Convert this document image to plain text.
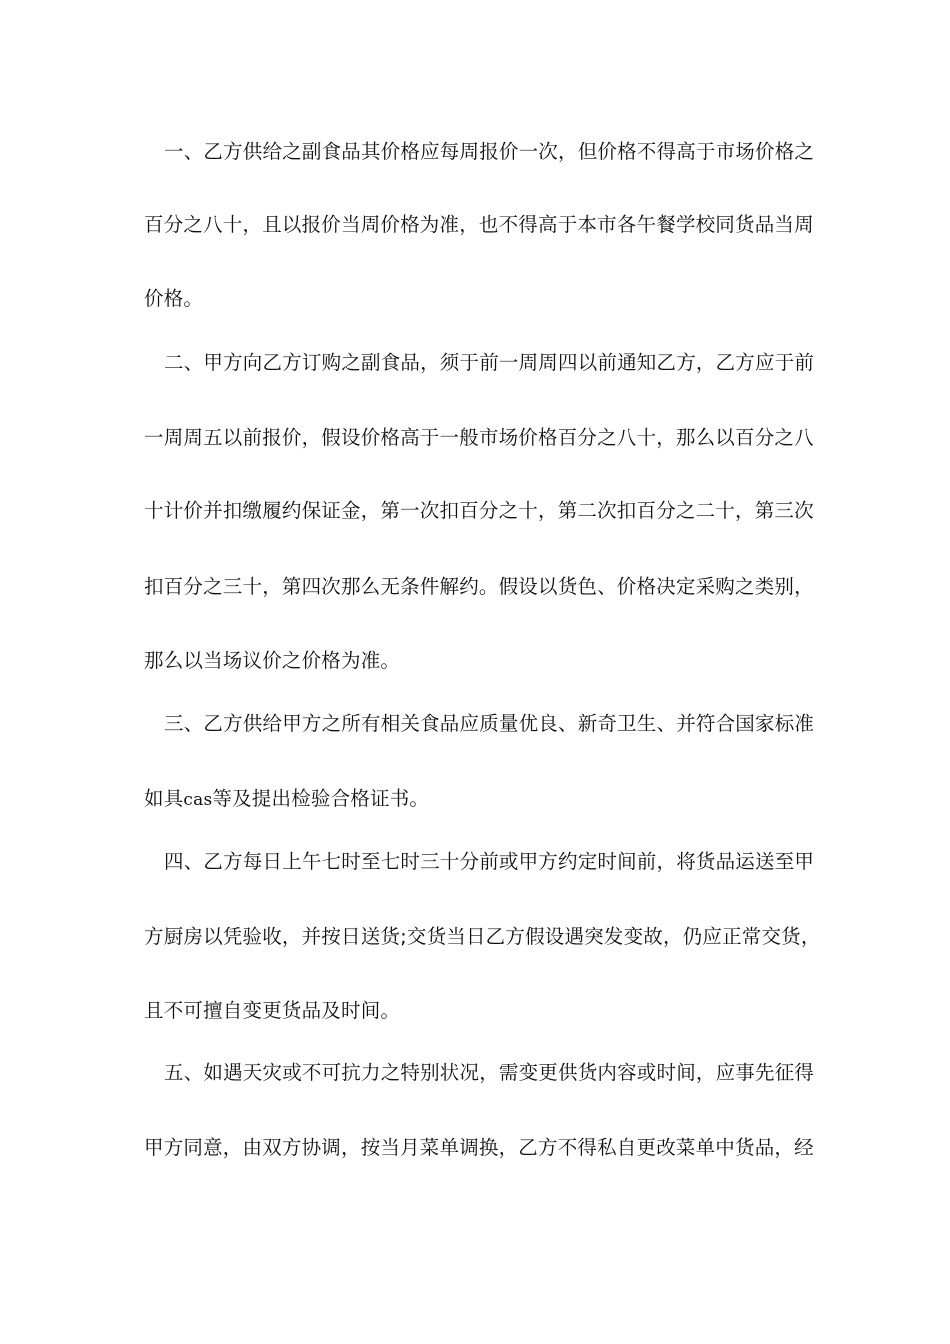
一、乙方供给之副食品其价格应每周报价一次，但价格不得高于市场价格之
百分之八十，且以报价当周价格为准，也不得高于本市各午餐学校同货品当周
价格。
二、甲方向乙方订购之副食品，须于前一周周四以前通知乙方，乙方应于前
一周周五以前报价，假设价格高于一般市场价格百分之八十，那么以百分之八
十计价并扣缴履约保证金，第一次扣百分之十，第二次扣百分之二十，第三次
扣百分之三十，第四次那么无条件解约。假设以货色、价格决定采购之类别，
那么以当场议价之价格为准。
三、乙方供给甲方之所有相关食品应质量优良、新奇卫生、并符合国家标准
如具cas等及提出检验合格证书。
四、乙方每日上午七时至七时三十分前或甲方约定时间前，将货品运送至甲
方厨房以凭验收，并按日送货;交货当日乙方假设遇突发变故，仍应正常交货，
且不可擅自变更货品及时间。
五、如遇天灾或不可抗力之特别状况，需变更供货内容或时间，应事先征得
甲方同意，由双方协调，按当月菜单调换，乙方不得私自更改菜单中货品，经
